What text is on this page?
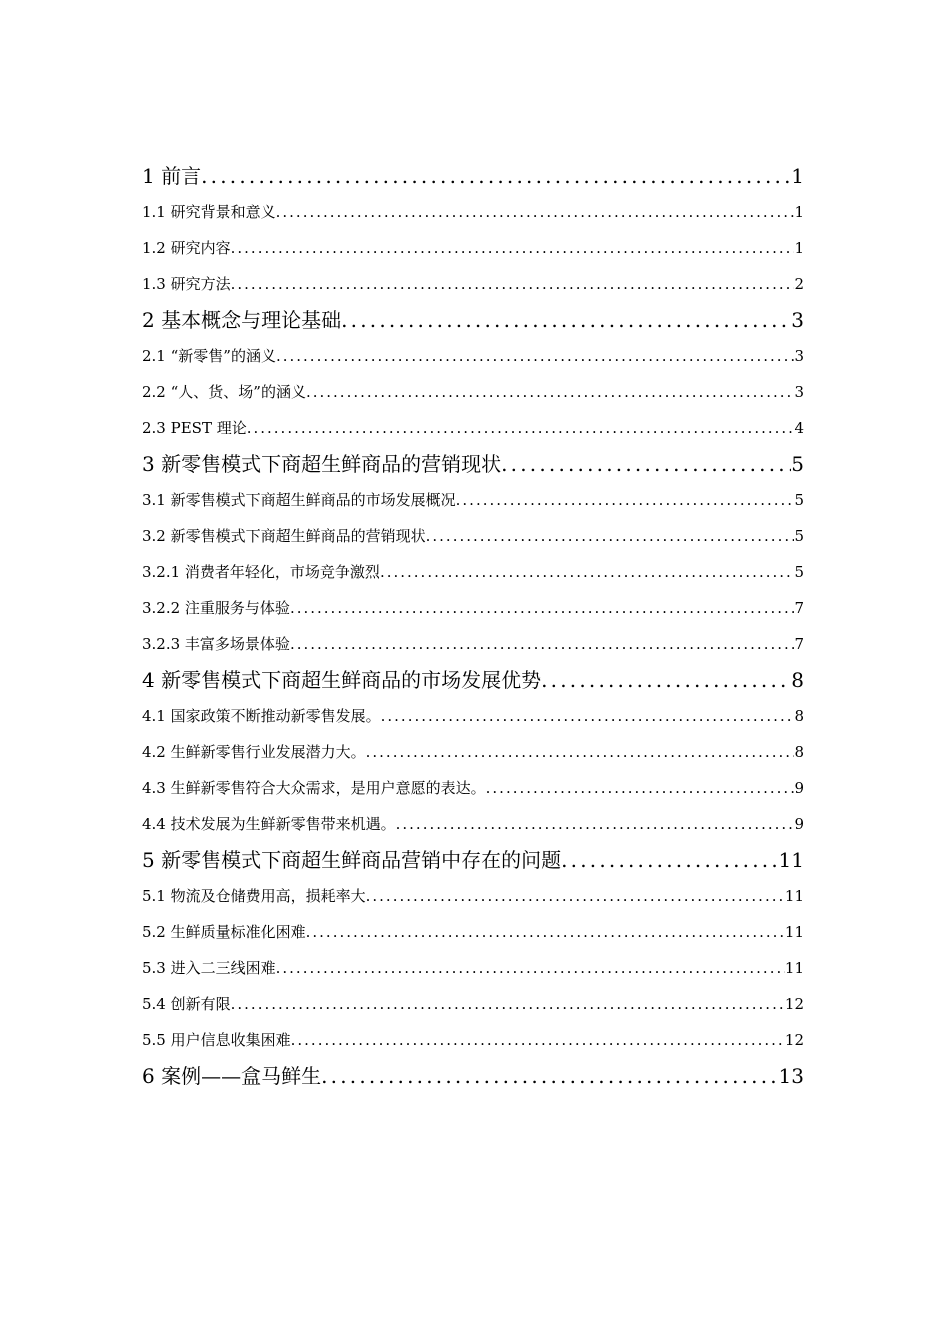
1 前言 .....	1
1.1 研究背景和意义 .....	1
1.2 研究内容 .....	1
1.3 研究方法 .....	2
2 基本概念与理论基础 .....	3
2.1 “新零售”的涵义 .....	3
2.2 “人、货、场”的涵义 .....	3
2.3 PEST 理论 .....	4
3 新零售模式下商超生鲜商品的营销现状 .....	5
3.1 新零售模式下商超生鲜商品的市场发展概况 .....	5
3.2 新零售模式下商超生鲜商品的营销现状 .....	5
3.2.1 消费者年轻化，市场竞争激烈 .....	5
3.2.2 注重服务与体验 .....	7
3.2.3 丰富多场景体验 .....	7
4 新零售模式下商超生鲜商品的市场发展优势 .....	8
4.1 国家政策不断推动新零售发展。 .....	8
4.2 生鲜新零售行业发展潜力大。 .....	8
4.3 生鲜新零售符合大众需求，是用户意愿的表达。 .....	9
4.4 技术发展为生鲜新零售带来机遇。 .....	9
5 新零售模式下商超生鲜商品营销中存在的问题 .....	11
5.1 物流及仓储费用高，损耗率大 .....	11
5.2 生鲜质量标准化困难 .....	11
5.3 进入二三线困难 .....	11
5.4 创新有限 .....	12
5.5 用户信息收集困难 .....	12
6 案例——盒马鲜生 .....	13
